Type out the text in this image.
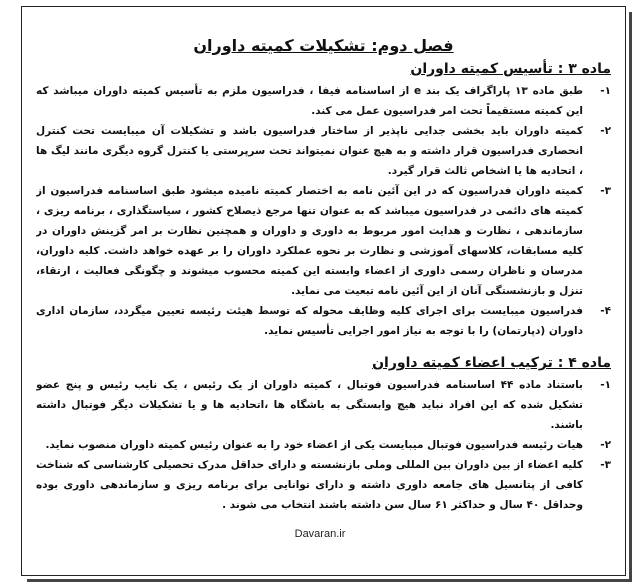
فصل دوم: تشکیلات کمیته داوران
ماده ۳ : تأسیس کمیته داوران
۱-
طبق ماده ۱۳ پاراگراف یک بند e از اساسنامه فیفا ، فدراسیون ملزم به تأسیس کمیته داوران میباشد که این کمیته مستقیماً تحت امر فدراسیون عمل می کند.
۲-
کمیته داوران باید بخشی جدایی ناپذیر از ساختار فدراسیون باشد و تشکیلات آن میبایست تحت کنترل انحصاری فدراسیون قرار داشته و به هیچ عنوان نمیتواند تحت سرپرستی یا کنترل گروه دیگری مانند لیگ ها ، اتحادیه ها یا اشخاص ثالث قرار گیرد.
۳-
کمیته داوران فدراسیون که در این آئین نامه به اختصار کمیته نامیده میشود طبق اساسنامه فدراسیون از کمیته های دائمی در فدراسیون میباشد که به عنوان تنها مرجع ذیصلاح کشور ، سیاستگذاری ، برنامه ریزی ، سازماندهی ، نظارت و هدایت امور مربوط به داوری و داوران و همچنین نظارت بر امر گزینش داوران در کلیه مسابقات، کلاسهای آموزشی و نظارت بر نحوه عملکرد داوران را بر عهده خواهد داشت. کلیه داوران، مدرسان و ناظران رسمی داوری از اعضاء وابسته این کمیته محسوب میشوند و چگونگی فعالیت ، ارتقاء، تنزل و بازنشستگی آنان از این آئین نامه تبعیت می نماید.
۴-
فدراسیون میبایست برای اجرای کلیه وظایف محوله که توسط هیئت رئیسه تعیین میگردد، سازمان اداری داوران (دپارتمان) را با توجه به نیاز امور اجرایی تأسیس نماید.
ماده ۴ : ترکیب اعضاء کمیته داوران
۱-
باستناد ماده ۴۴ اساسنامه فدراسیون فوتبال ، کمیته داوران از یک رئیس ، یک نایب رئیس و پنج عضو تشکیل شده که این افراد نباید هیچ وابستگی به باشگاه ها ،اتحادیه ها و یا تشکیلات دیگر فوتبال داشته باشند.
۲-
هیات رئیسه فدراسیون فوتبال میبایست یکی از اعضاء خود را به عنوان رئیس کمیته داوران منصوب نماید.
۳-
کلیه اعضاء از بین داوران بین المللی وملی بازنشسته و دارای حداقل مدرک تحصیلی کارشناسی که شناخت کافی از پتانسیل های جامعه داوری داشته و دارای توانایی برای برنامه ریزی و سازماندهی داوری بوده وحداقل ۴۰ سال و حداکثر ۶۱ سال سن داشته باشند انتخاب می شوند .
Davaran.ir
